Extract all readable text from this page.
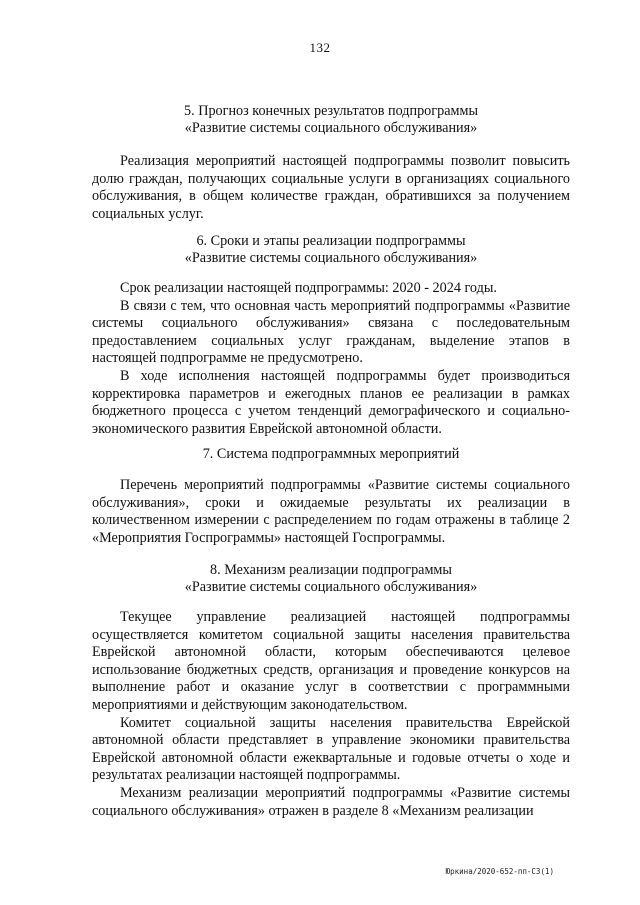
132
5. Прогноз конечных результатов подпрограммы
«Развитие системы социального обслуживания»

Реализация мероприятий настоящей подпрограммы позволит повысить долю граждан, получающих социальные услуги в организациях социального обслуживания, в общем количестве граждан, обратившихся за получением социальных услуг.

6. Сроки и этапы реализации подпрограммы
«Развитие системы социального обслуживания»

Срок реализации настоящей подпрограммы: 2020 - 2024 годы.

В связи с тем, что основная часть мероприятий подпрограммы «Развитие системы социального обслуживания» связана с последовательным предоставлением социальных услуг гражданам, выделение этапов в настоящей подпрограмме не предусмотрено.

В ходе исполнения настоящей подпрограммы будет производиться корректировка параметров и ежегодных планов ее реализации в рамках бюджетного процесса с учетом тенденций демографического и социально-экономического развития Еврейской автономной области.

7. Система подпрограммных мероприятий

Перечень мероприятий подпрограммы «Развитие системы социального обслуживания», сроки и ожидаемые результаты их реализации в количественном измерении с распределением по годам отражены в таблице 2 «Мероприятия Госпрограммы» настоящей Госпрограммы.

8. Механизм реализации подпрограммы
«Развитие системы социального обслуживания»

Текущее управление реализацией настоящей подпрограммы осуществляется комитетом социальной защиты населения правительства Еврейской автономной области, которым обеспечиваются целевое использование бюджетных средств, организация и проведение конкурсов на выполнение работ и оказание услуг в соответствии с программными мероприятиями и действующим законодательством.

Комитет социальной защиты населения правительства Еврейской автономной области представляет в управление экономики правительства Еврейской автономной области ежеквартальные и годовые отчеты о ходе и результатах реализации настоящей подпрограммы.

Механизм реализации мероприятий подпрограммы «Развитие системы социального обслуживания» отражен в разделе 8 «Механизм реализации

Юркина/2020-652-пп-СЗ(1)
